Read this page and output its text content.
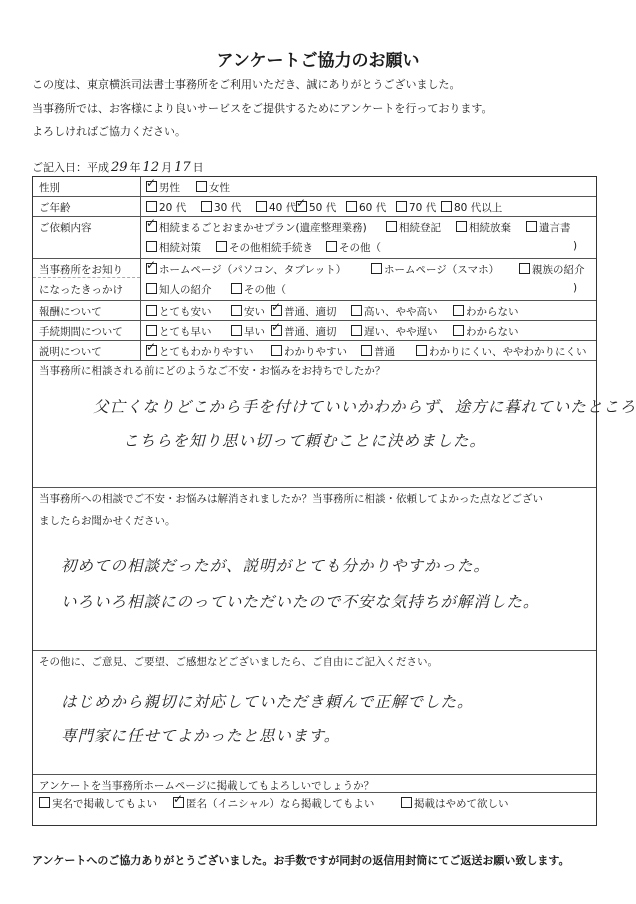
アンケートご協力のお願い
この度は、東京横浜司法書士事務所をご利用いただき、誠にありがとうございました。
当事務所では、お客様により良いサービスをご提供するためにアンケートを行っております。
よろしければご協力ください。
ご記入日：平成 29 年 12 月 17 日
性別 ✓	男性	女性
ご年齢	20 代	30 代	40 代 ✓	50 代	60 代	70 代	80 代以上
ご依頼内容 ✓	相続まるごとおまかせプラン(遺産整理業務)	相続登記	相続放棄	遺言書
相続対策	その他相続手続き	その他（	)
当事務所をお知り
になったきっかけ
✓ホームページ（パソコン、タブレット）	ホームページ（スマホ）	親族の紹介
知人の紹介	その他（	)
報酬について	とても安い	安い ✓	普通、適切	高い、やや高い	わからない
手続期間について	とても早い	早い ✓	普通、適切	遅い、やや遅い	わからない
説明について ✓	とてもわかりやすい	わかりやすい	普通	わかりにくい、ややわかりにくい
当事務所に相談される前にどのようなご不安・お悩みをお持ちでしたか？
父亡くなりどこから手を付けていいかわからず、途方に暮れていたところ
こちらを知り思い切って頼むことに決めました。
当事務所への相談でご不安・お悩みは解消されましたか？当事務所に相談・依頼してよかった点などござい
ましたらお聞かせください。
初めての相談だったが、説明がとても分かりやすかった。
いろいろ相談にのっていただいたので不安な気持ちが解消した。
その他に、ご意見、ご要望、ご感想などございましたら、ご自由にご記入ください。
はじめから親切に対応していただき頼んで正解でした。
専門家に任せてよかったと思います。
アンケートを当事務所ホームページに掲載してもよろしいでしょうか？
実名で掲載してもよい ✓	匿名（イニシャル）なら掲載してもよい	掲載はやめて欲しい
アンケートへのご協力ありがとうございました。お手数ですが同封の返信用封筒にてご返送お願い致します。
